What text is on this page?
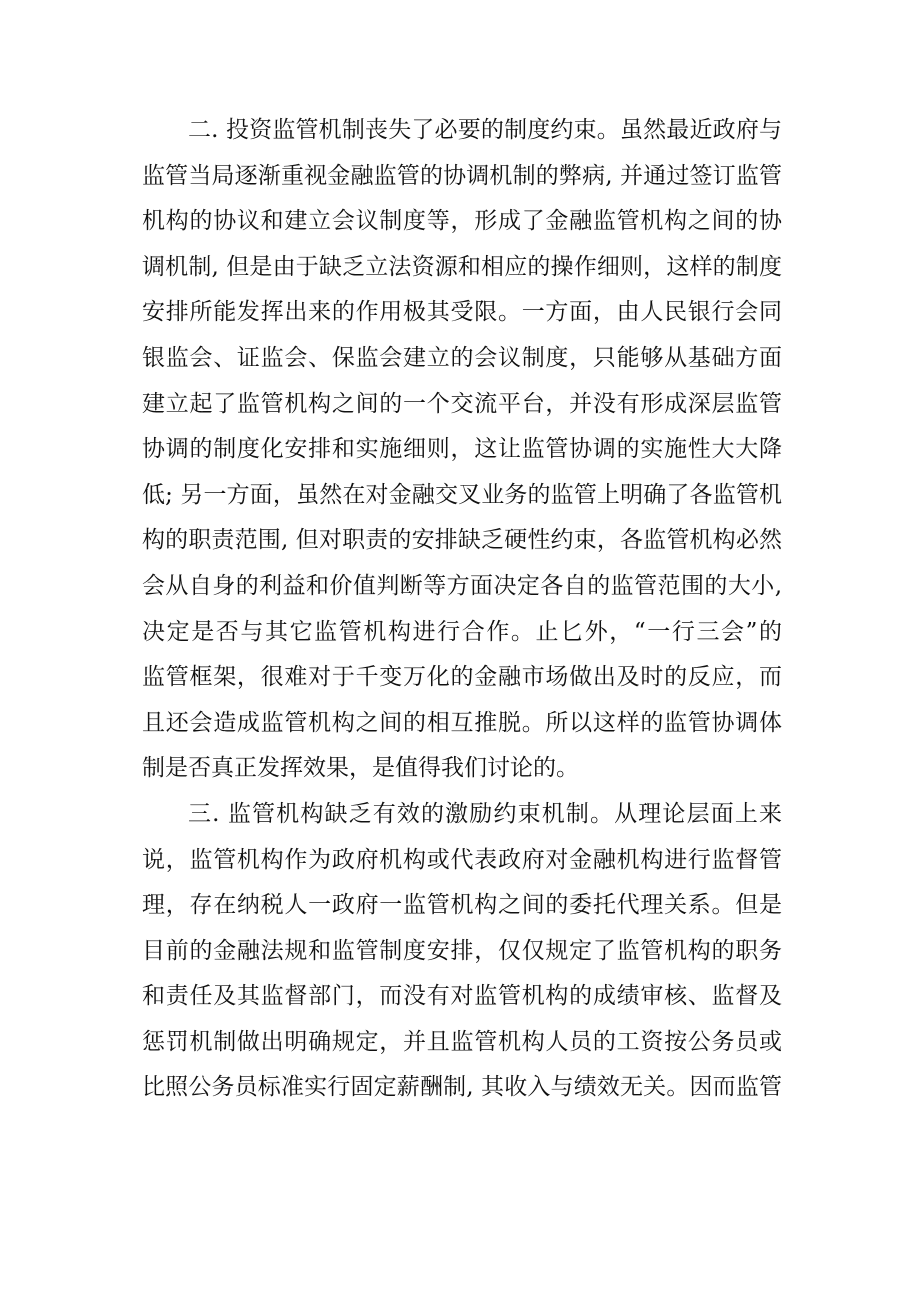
二. 投资监管机制丧失了必要的制度约束。虽然最近政府与
监管当局逐渐重视金融监管的协调机制的弊病, 并通过签订监管
机构的协议和建立会议制度等，形成了金融监管机构之间的协
调机制, 但是由于缺乏立法资源和相应的操作细则，这样的制度
安排所能发挥出来的作用极其受限。一方面，由人民银行会同
银监会、证监会、保监会建立的会议制度，只能够从基础方面
建立起了监管机构之间的一个交流平台，并没有形成深层监管
协调的制度化安排和实施细则，这让监管协调的实施性大大降
低; 另一方面，虽然在对金融交叉业务的监管上明确了各监管机
构的职责范围, 但对职责的安排缺乏硬性约束，各监管机构必然
会从自身的利益和价值判断等方面决定各自的监管范围的大小,
决定是否与其它监管机构进行合作。止匕外，“一行三会”的
监管框架，很难对于千变万化的金融市场做出及时的反应，而
且还会造成监管机构之间的相互推脱。所以这样的监管协调体
制是否真正发挥效果，是值得我们讨论的。
三. 监管机构缺乏有效的激励约束机制。从理论层面上来
说，监管机构作为政府机构或代表政府对金融机构进行监督管
理，存在纳税人一政府一监管机构之间的委托代理关系。但是
目前的金融法规和监管制度安排，仅仅规定了监管机构的职务
和责任及其监督部门，而没有对监管机构的成绩审核、监督及
惩罚机制做出明确规定，并且监管机构人员的工资按公务员或
比照公务员标准实行固定薪酬制, 其收入与绩效无关。因而监管
